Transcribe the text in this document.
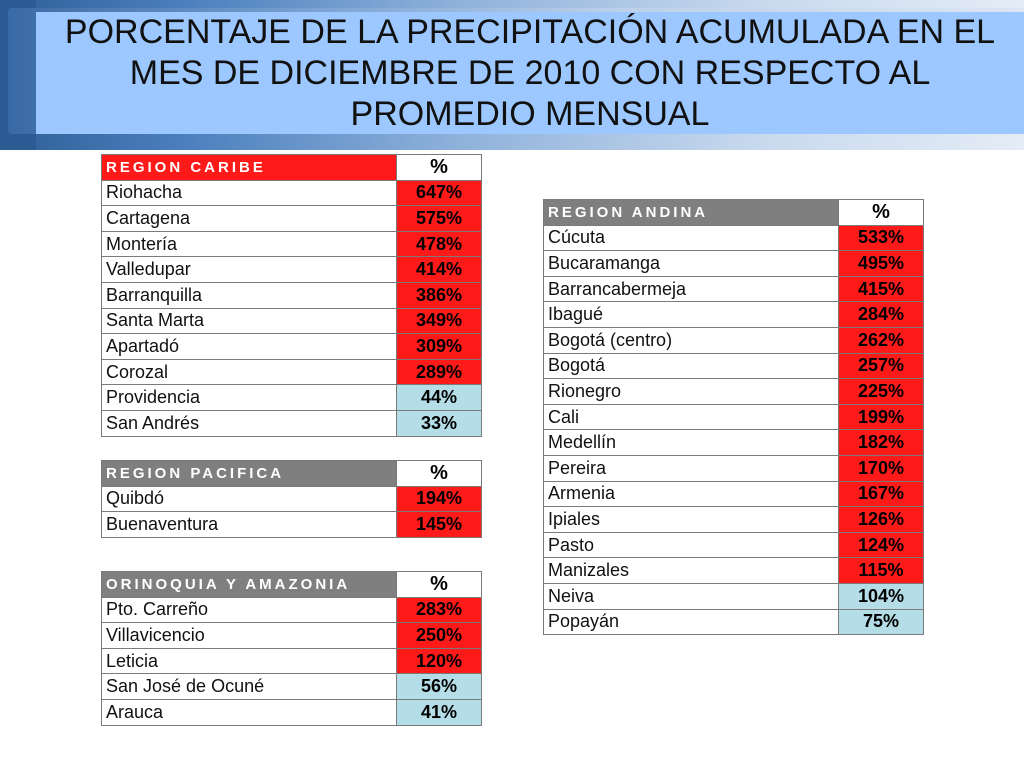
PORCENTAJE DE LA PRECIPITACIÓN ACUMULADA EN EL MES DE DICIEMBRE DE 2010 CON RESPECTO AL PROMEDIO MENSUAL
REGION CARIBE	%
Riohacha	647%
Cartagena	575%
Montería	478%
Valledupar	414%
Barranquilla	386%
Santa Marta	349%
Apartadó	309%
Corozal	289%
Providencia	44%
San Andrés	33%
REGION PACIFICA	%
Quibdó	194%
Buenaventura	145%
ORINOQUIA Y AMAZONIA	%
Pto. Carreño	283%
Villavicencio	250%
Leticia	120%
San José de Ocuné	56%
Arauca	41%
REGION ANDINA	%
Cúcuta	533%
Bucaramanga	495%
Barrancabermeja	415%
Ibagué	284%
Bogotá (centro)	262%
Bogotá	257%
Rionegro	225%
Cali	199%
Medellín	182%
Pereira	170%
Armenia	167%
Ipiales	126%
Pasto	124%
Manizales	115%
Neiva	104%
Popayán	75%
